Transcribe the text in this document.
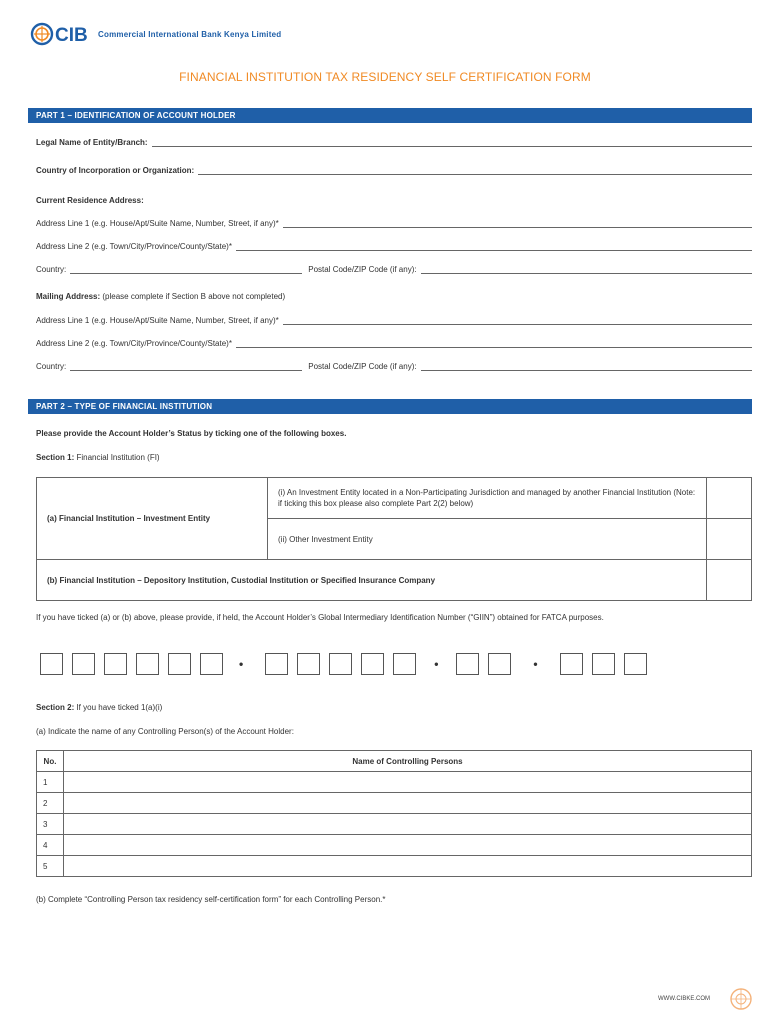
CIB Commercial International Bank Kenya Limited
FINANCIAL INSTITUTION TAX RESIDENCY SELF CERTIFICATION FORM
PART 1 – IDENTIFICATION OF ACCOUNT HOLDER
Legal Name of Entity/Branch:
Country of Incorporation or Organization:
Current Residence Address:
Address Line 1 (e.g. House/Apt/Suite Name, Number, Street, if any)*
Address Line 2 (e.g. Town/City/Province/County/State)*
Country:	Postal Code/ZIP Code (if any):
Mailing Address: (please complete if Section B above not completed)
Address Line 1 (e.g. House/Apt/Suite Name, Number, Street, if any)*
Address Line 2 (e.g. Town/City/Province/County/State)*
Country:	Postal Code/ZIP Code (if any):
PART 2 – TYPE OF FINANCIAL INSTITUTION
Please provide the Account Holder’s Status by ticking one of the following boxes.
Section 1: Financial Institution (FI)
(a) Financial Institution – Investment Entity	(i) An Investment Entity located in a Non-Participating Jurisdiction and managed by another Financial Institution (Note: if ticking this box please also complete Part 2(2) below)	
	(ii) Other Investment Entity	
(b) Financial Institution – Depository Institution, Custodial Institution or Specified Insurance Company		
If you have ticked (a) or (b) above, please provide, if held, the Account Holder’s Global Intermediary Identification Number (“GIIN”) obtained for FATCA purposes.
•	•	•
Section 2: If you have ticked 1(a)(i)
(a) Indicate the name of any Controlling Person(s) of the Account Holder:
No.	Name of Controlling Persons
1	
2	
3	
4	
5	
(b) Complete “Controlling Person tax residency self-certification form” for each Controlling Person.*
WWW.CIBKE.COM
